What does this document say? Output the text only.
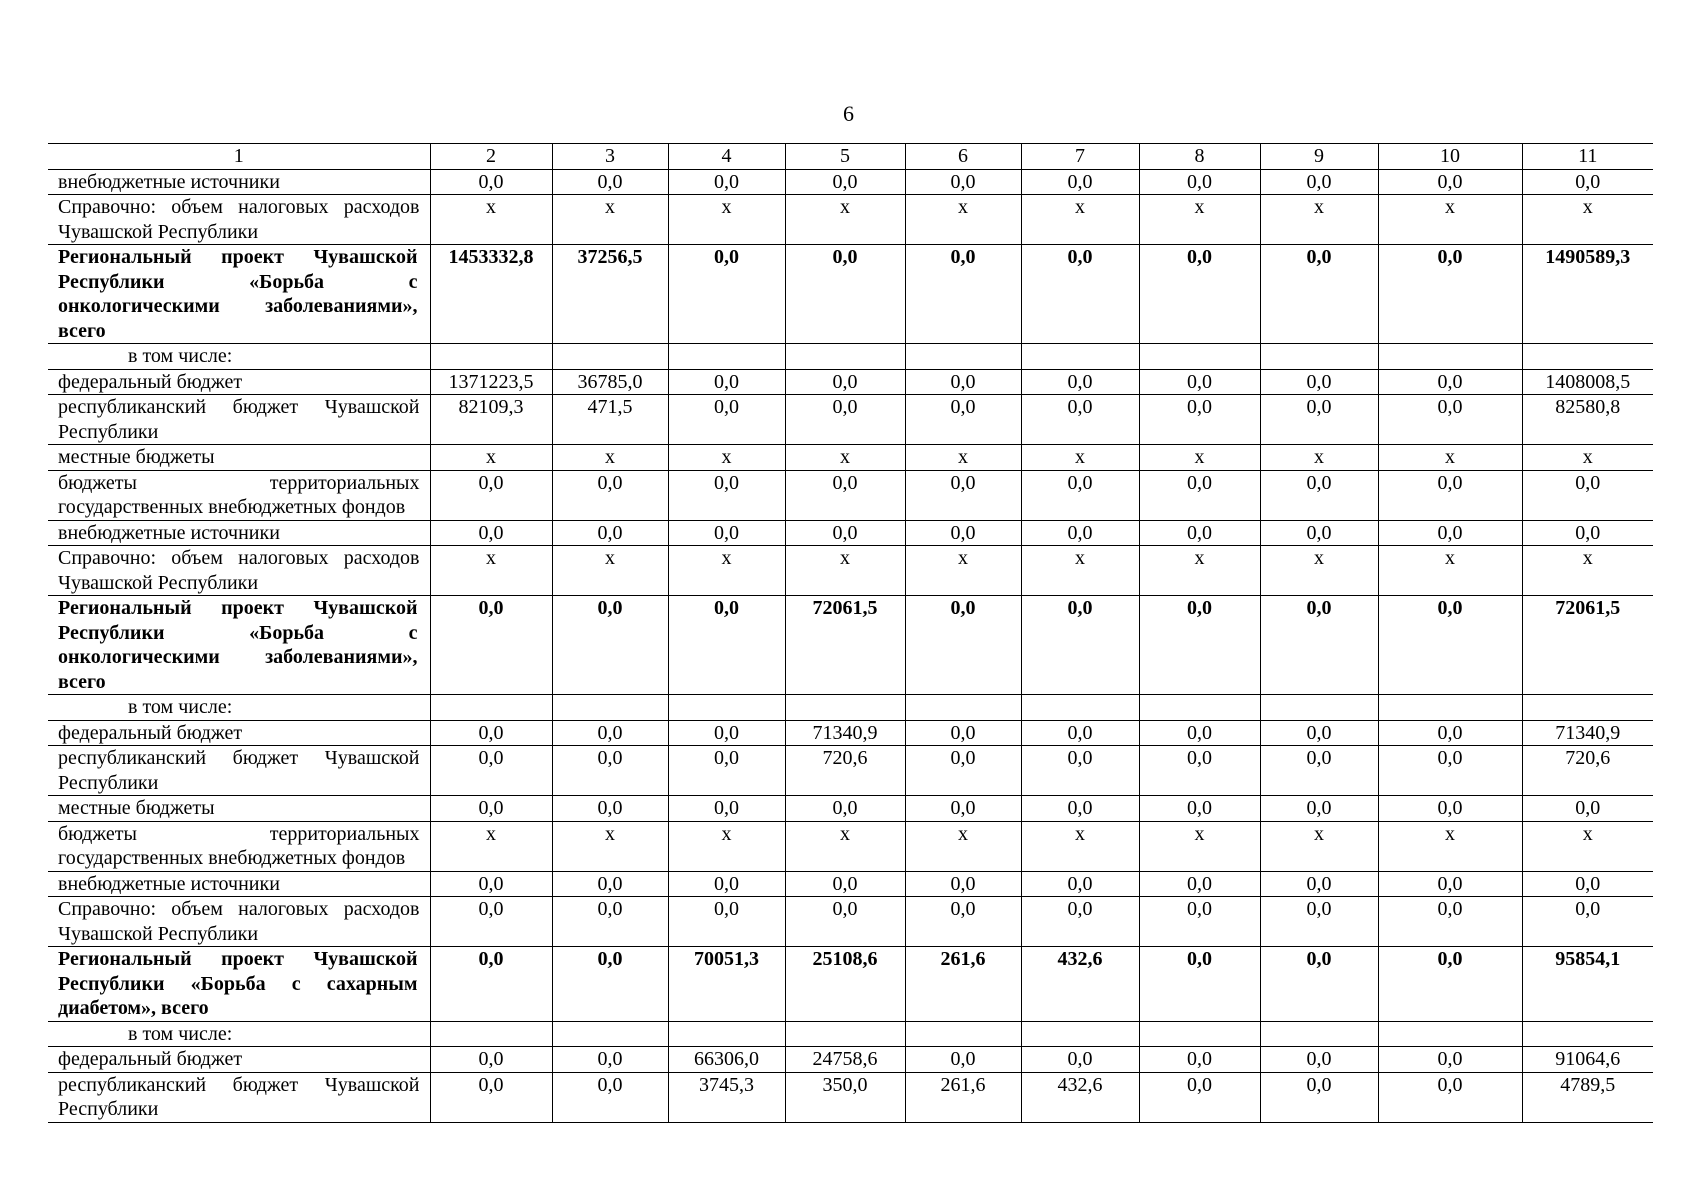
6
1	2	3	4	5	6	7	8	9	10	11
внебюджетные источники	0,0	0,0	0,0	0,0	0,0	0,0	0,0	0,0	0,0	0,0
Справочно: объем налоговых расходов Чувашской Республики	х	х	х	х	х	х	х	х	х	х
Региональный проект Чувашской Республики «Борьба с онкологическими заболеваниями», всего	1453332,8	37256,5	0,0	0,0	0,0	0,0	0,0	0,0	0,0	1490589,3
в том числе:										
федеральный бюджет	1371223,5	36785,0	0,0	0,0	0,0	0,0	0,0	0,0	0,0	1408008,5
республиканский бюджет Чувашской Республики	82109,3	471,5	0,0	0,0	0,0	0,0	0,0	0,0	0,0	82580,8
местные бюджеты	х	х	х	х	х	х	х	х	х	х
бюджеты территориальных государственных внебюджетных фондов	0,0	0,0	0,0	0,0	0,0	0,0	0,0	0,0	0,0	0,0
внебюджетные источники	0,0	0,0	0,0	0,0	0,0	0,0	0,0	0,0	0,0	0,0
Справочно: объем налоговых расходов Чувашской Республики	х	х	х	х	х	х	х	х	х	х
Региональный проект Чувашской Республики «Борьба с онкологическими заболеваниями», всего	0,0	0,0	0,0	72061,5	0,0	0,0	0,0	0,0	0,0	72061,5
в том числе:										
федеральный бюджет	0,0	0,0	0,0	71340,9	0,0	0,0	0,0	0,0	0,0	71340,9
республиканский бюджет Чувашской Республики	0,0	0,0	0,0	720,6	0,0	0,0	0,0	0,0	0,0	720,6
местные бюджеты	0,0	0,0	0,0	0,0	0,0	0,0	0,0	0,0	0,0	0,0
бюджеты территориальных государственных внебюджетных фондов	х	х	х	х	х	х	х	х	х	х
внебюджетные источники	0,0	0,0	0,0	0,0	0,0	0,0	0,0	0,0	0,0	0,0
Справочно: объем налоговых расходов Чувашской Республики	0,0	0,0	0,0	0,0	0,0	0,0	0,0	0,0	0,0	0,0
Региональный проект Чувашской Республики «Борьба с сахарным диабетом», всего	0,0	0,0	70051,3	25108,6	261,6	432,6	0,0	0,0	0,0	95854,1
в том числе:										
федеральный бюджет	0,0	0,0	66306,0	24758,6	0,0	0,0	0,0	0,0	0,0	91064,6
республиканский бюджет Чувашской Республики	0,0	0,0	3745,3	350,0	261,6	432,6	0,0	0,0	0,0	4789,5
